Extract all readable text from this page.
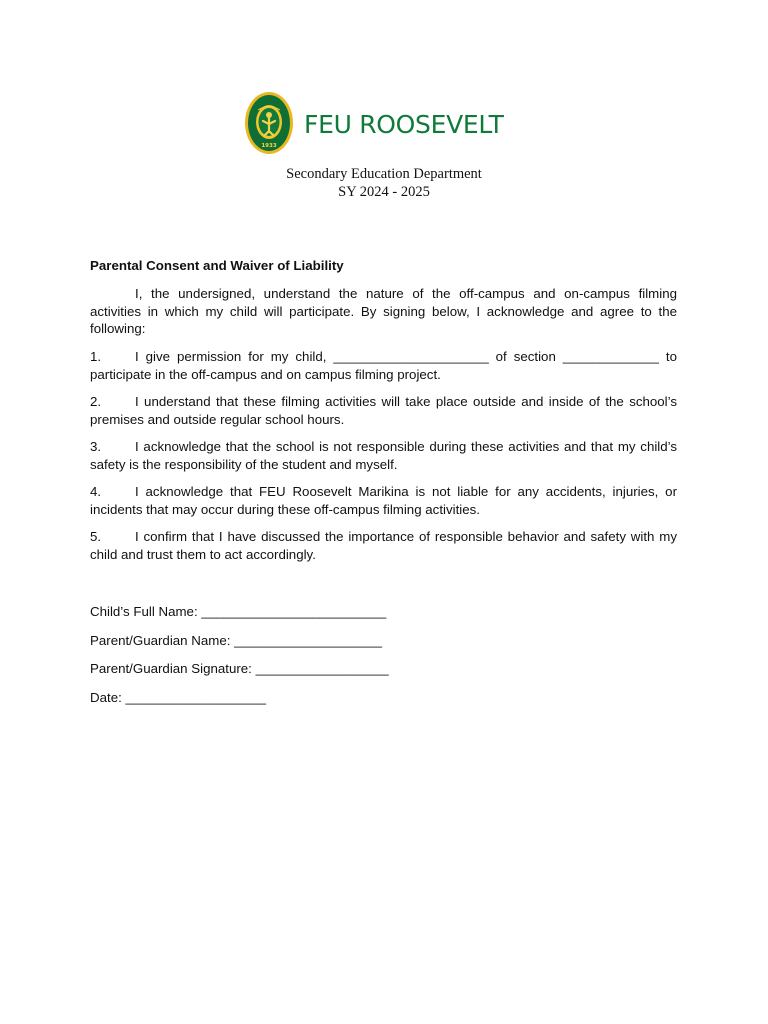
1933
FEU ROOSEVELT
Secondary Education Department
SY 2024 - 2025
Parental Consent and Waiver of Liability
I, the undersigned, understand the nature of the off-campus and on-campus filming activities in which my child will participate. By signing below, I acknowledge and agree to the following:
1.	I give permission for my child, _____________________ of section _____________ to participate in the off-campus and on campus filming project.
2.	I understand that these filming activities will take place outside and inside of the school’s premises and outside regular school hours.
3.	I acknowledge that the school is not responsible during these activities and that my child’s safety is the responsibility of the student and myself.
4.	I acknowledge that FEU Roosevelt Marikina is not liable for any accidents, injuries, or incidents that may occur during these off-campus filming activities.
5.	I confirm that I have discussed the importance of responsible behavior and safety with my child and trust them to act accordingly.
Child’s Full Name: _________________________
Parent/Guardian Name: ____________________
Parent/Guardian Signature: __________________
Date: ___________________
